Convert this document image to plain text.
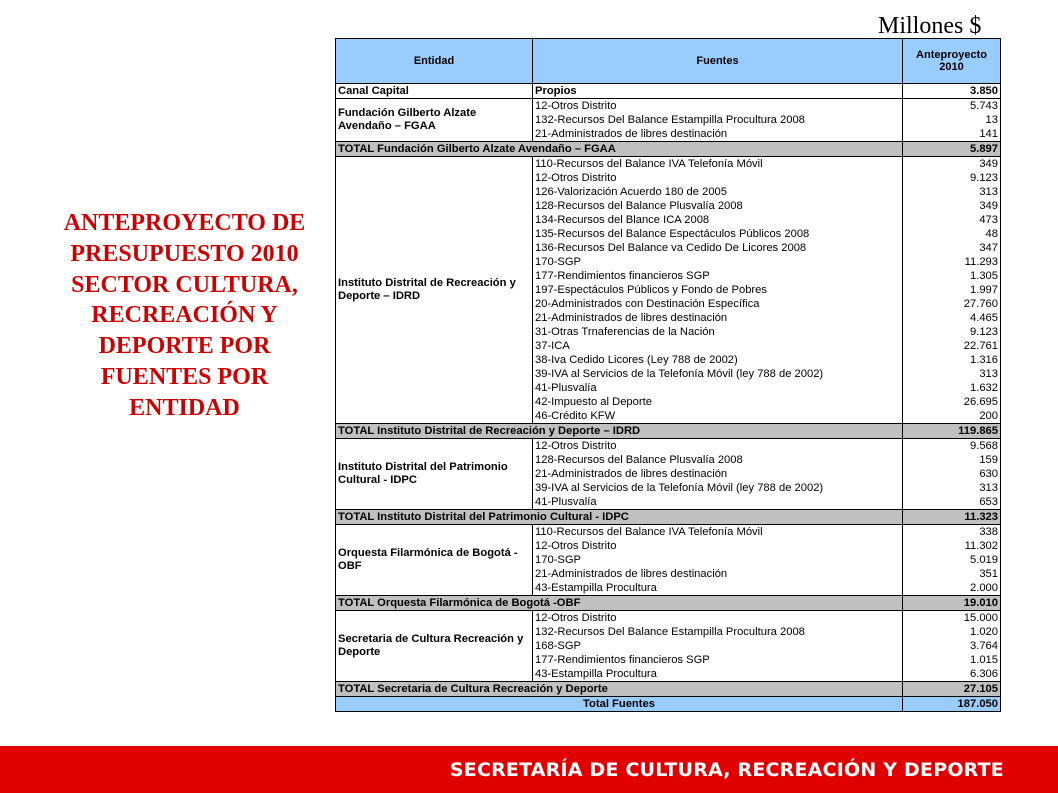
Millones $
ANTEPROYECTO DE PRESUPUESTO 2010 SECTOR CULTURA, RECREACIÓN Y DEPORTE POR FUENTES POR ENTIDAD
Entidad	Fuentes	Anteproyecto 2010
Canal Capital	Propios	3.850
Fundación Gilberto Alzate Avendaño – FGAA	12-Otros Distrito	5.743
	132-Recursos Del Balance Estampilla Procultura 2008	13
	21-Administrados de libres destinación	141
TOTAL Fundación Gilberto Alzate Avendaño – FGAA		5.897
Instituto Distrital de Recreación y Deporte – IDRD	110-Recursos del Balance IVA Telefonía Móvil	349
	12-Otros Distrito	9.123
	126-Valorización Acuerdo 180 de 2005	313
	128-Recursos del Balance Plusvalía 2008	349
	134-Recursos del Blance ICA 2008	473
	135-Recursos del Balance Espectáculos Públicos 2008	48
	136-Recursos Del Balance va Cedido De Licores 2008	347
	170-SGP	11.293
	177-Rendimientos financieros SGP	1.305
	197-Espectáculos Públicos y Fondo de Pobres	1.997
	20-Administrados con Destinación Específica	27.760
	21-Administrados de libres destinación	4.465
	31-Otras Trnaferencias de la Nación	9.123
	37-ICA	22.761
	38-Iva Cedido Licores (Ley 788 de 2002)	1.316
	39-IVA al Servicios de la Telefonía Móvil (ley 788 de 2002)	313
	41-Plusvalía	1.632
	42-Impuesto al Deporte	26.695
	46-Crédito KFW	200
TOTAL Instituto Distrital de Recreación y Deporte – IDRD		119.865
Instituto Distrital del Patrimonio Cultural - IDPC	12-Otros Distrito	9.568
	128-Recursos del Balance Plusvalía 2008	159
	21-Administrados de libres destinación	630
	39-IVA al Servicios de la Telefonía Móvil (ley 788 de 2002)	313
	41-Plusvalía	653
TOTAL Instituto Distrital del Patrimonio Cultural - IDPC		11.323
Orquesta Filarmónica de Bogotá -OBF	110-Recursos del Balance IVA Telefonía Móvil	338
	12-Otros Distrito	11.302
	170-SGP	5.019
	21-Administrados de libres destinación	351
	43-Estampilla Procultura	2.000
TOTAL Orquesta Filarmónica de Bogotá -OBF		19.010
Secretaria de Cultura Recreación y Deporte	12-Otros Distrito	15.000
	132-Recursos Del Balance Estampilla Procultura 2008	1.020
	168-SGP	3.764
	177-Rendimientos financieros SGP	1.015
	43-Estampilla Procultura	6.306
TOTAL Secretaria de Cultura Recreación y Deporte		27.105
Total Fuentes		187.050
SECRETARÍA DE CULTURA, RECREACIÓN Y DEPORTE
